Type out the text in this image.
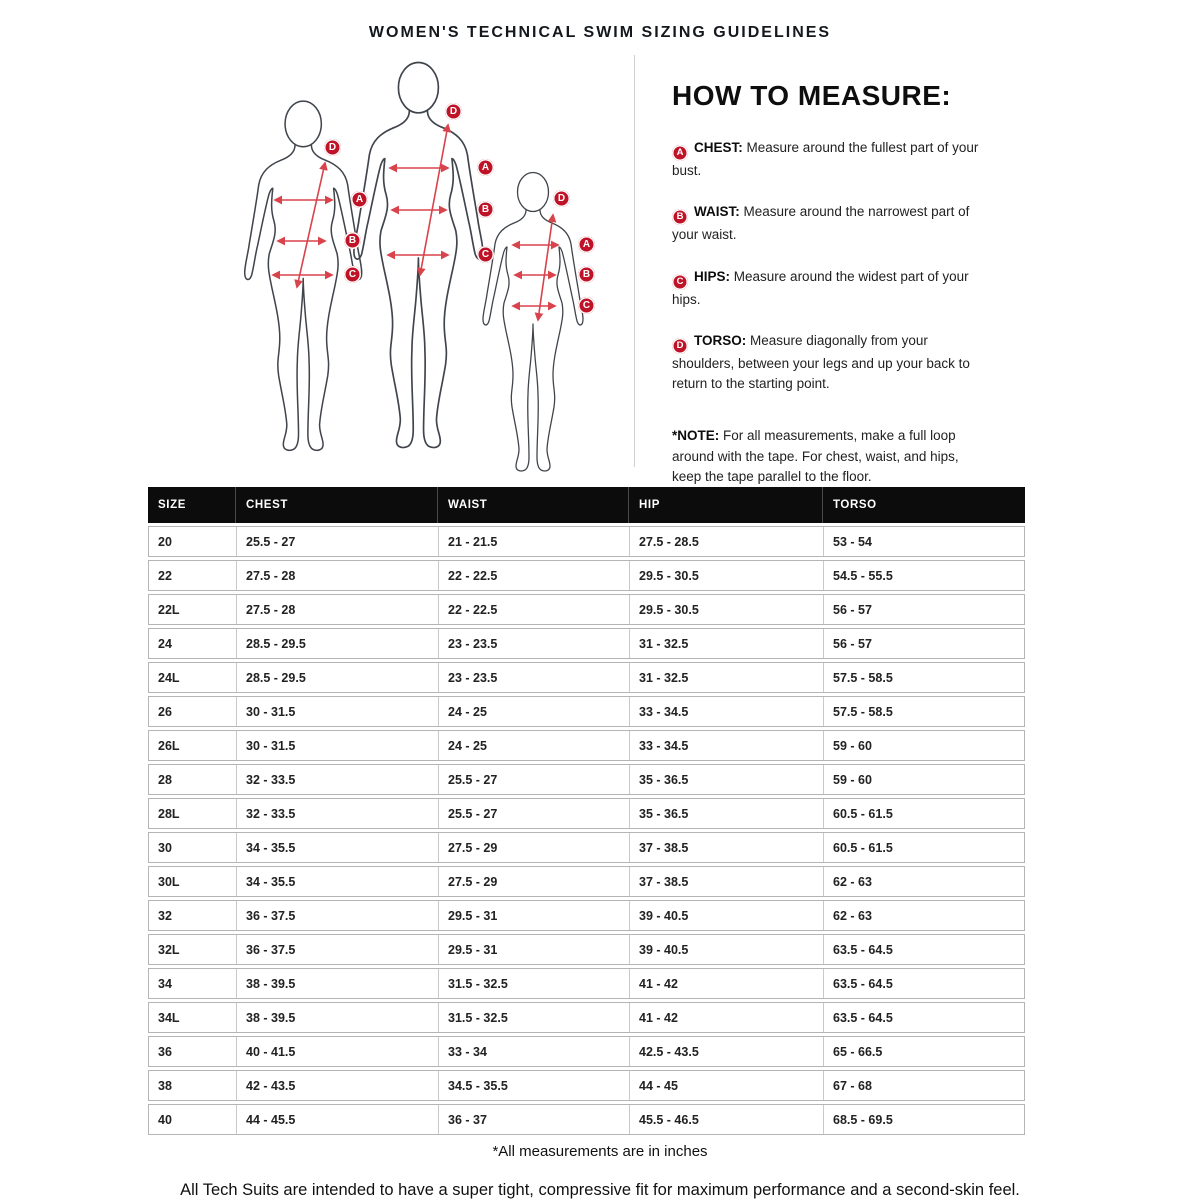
WOMEN'S TECHNICAL SWIM SIZING GUIDELINES
D
A
B
C
D
A
B
C
D
A
B
C
HOW TO MEASURE:
A CHEST: Measure around the fullest part of your bust.
B WAIST: Measure around the narrowest part of your waist.
C HIPS: Measure around the widest part of your hips.
D TORSO: Measure diagonally from your shoulders, between your legs and up your back to return to the starting point.
*NOTE: For all measurements, make a full loop around with the tape. For chest, waist, and hips, keep the tape parallel to the floor.
SIZE	CHEST	WAIST	HIP	TORSO
20	25.5 - 27	21 - 21.5	27.5 - 28.5	53 - 54
22	27.5 - 28	22 - 22.5	29.5 - 30.5	54.5 - 55.5
22L	27.5 - 28	22 - 22.5	29.5 - 30.5	56 - 57
24	28.5 - 29.5	23 - 23.5	31 - 32.5	56 - 57
24L	28.5 - 29.5	23 - 23.5	31 - 32.5	57.5 - 58.5
26	30 - 31.5	24 - 25	33 - 34.5	57.5 - 58.5
26L	30 - 31.5	24 - 25	33 - 34.5	59 - 60
28	32 - 33.5	25.5 - 27	35 - 36.5	59 - 60
28L	32 - 33.5	25.5 - 27	35 - 36.5	60.5 - 61.5
30	34 - 35.5	27.5 - 29	37 - 38.5	60.5 - 61.5
30L	34 - 35.5	27.5 - 29	37 - 38.5	62 - 63
32	36 - 37.5	29.5 - 31	39 - 40.5	62 - 63
32L	36 - 37.5	29.5 - 31	39 - 40.5	63.5 - 64.5
34	38 - 39.5	31.5 - 32.5	41 - 42	63.5 - 64.5
34L	38 - 39.5	31.5 - 32.5	41 - 42	63.5 - 64.5
36	40 - 41.5	33 - 34	42.5 - 43.5	65 - 66.5
38	42 - 43.5	34.5 - 35.5	44 - 45	67 - 68
40	44 - 45.5	36 - 37	45.5 - 46.5	68.5 - 69.5
*All measurements are in inches
All Tech Suits are intended to have a super tight, compressive fit for maximum performance and a second-skin feel.
